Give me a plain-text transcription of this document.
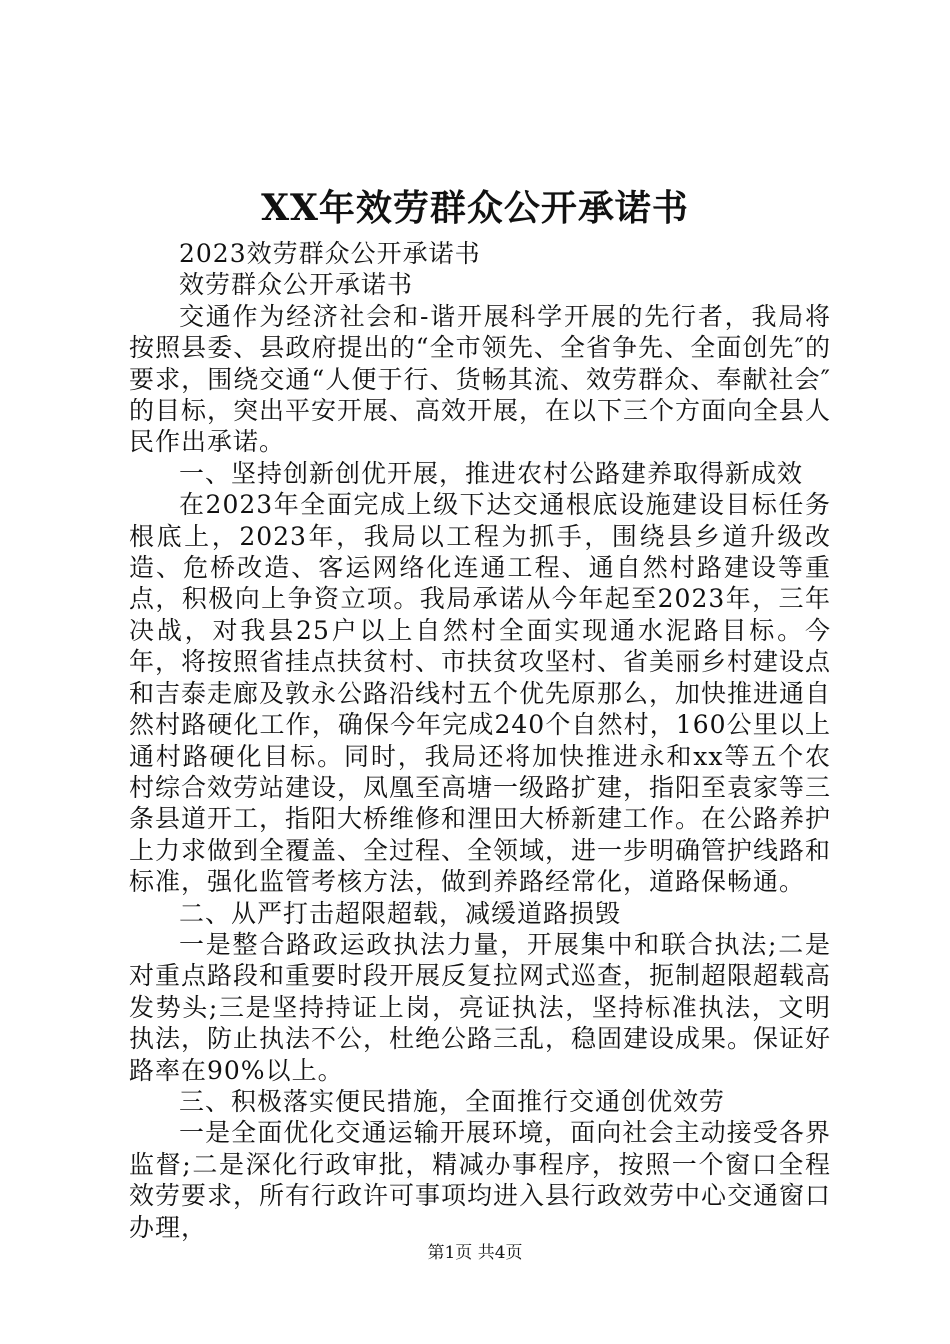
XX年效劳群众公开承诺书

2023效劳群众公开承诺书

效劳群众公开承诺书

交通作为经济社会和-谐开展科学开展的先行者，我局将按照县委、县政府提出的“全市领先、全省争先、全面创先″的要求，围绕交通“人便于行、货畅其流、效劳群众、奉献社会″的目标，突出平安开展、高效开展，在以下三个方面向全县人民作出承诺。

一、坚持创新创优开展，推进农村公路建养取得新成效

在2023年全面完成上级下达交通根底设施建设目标任务根底上，2023年，我局以工程为抓手，围绕县乡道升级改造、危桥改造、客运网络化连通工程、通自然村路建设等重点，积极向上争资立项。我局承诺从今年起至2023年，三年决战，对我县25户以上自然村全面实现通水泥路目标。今年，将按照省挂点扶贫村、市扶贫攻坚村、省美丽乡村建设点和吉泰走廊及敦永公路沿线村五个优先原那么，加快推进通自然村路硬化工作，确保今年完成240个自然村，160公里以上通村路硬化目标。同时，我局还将加快推进永和xx等五个农村综合效劳站建设，凤凰至高塘一级路扩建，指阳至袁家等三条县道开工，指阳大桥维修和浬田大桥新建工作。在公路养护上力求做到全覆盖、全过程、全领域，进一步明确管护线路和标准，强化监管考核方法，做到养路经常化，道路保畅通。

二、从严打击超限超载，减缓道路损毁

一是整合路政运政执法力量，开展集中和联合执法;二是对重点路段和重要时段开展反复拉网式巡查，扼制超限超载高发势头;三是坚持持证上岗，亮证执法，坚持标准执法，文明执法，防止执法不公，杜绝公路三乱，稳固建设成果。保证好路率在90%以上。

三、积极落实便民措施，全面推行交通创优效劳

一是全面优化交通运输开展环境，面向社会主动接受各界监督;二是深化行政审批，精减办事程序，按照一个窗口全程效劳要求，所有行政许可事项均进入县行政效劳中心交通窗口办理，

第1页 共4页
